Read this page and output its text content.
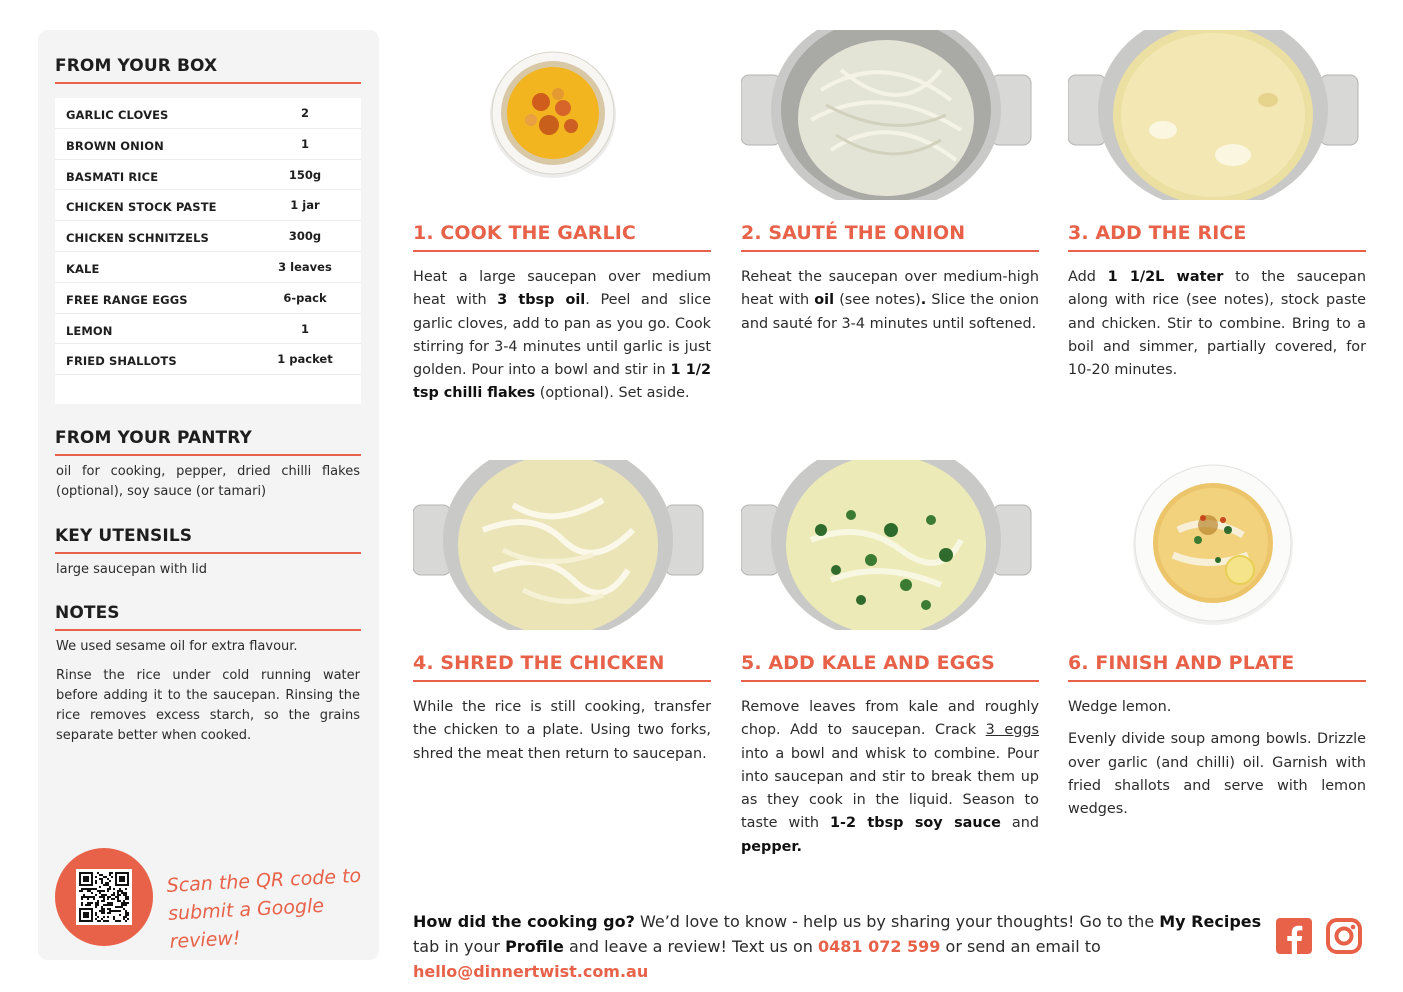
FROM YOUR BOX
GARLIC CLOVES	2
BROWN ONION	1
BASMATI RICE	150g
CHICKEN STOCK PASTE	1 jar
CHICKEN SCHNITZELS	300g
KALE	3 leaves
FREE RANGE EGGS	6-pack
LEMON	1
FRIED SHALLOTS	1 packet
FROM YOUR PANTRY
oil for cooking, pepper, dried chilli flakes (optional), soy sauce (or tamari)
KEY UTENSILS
large saucepan with lid
NOTES
We used sesame oil for extra flavour.
Rinse the rice under cold running water before adding it to the saucepan. Rinsing the rice removes excess starch, so the grains separate better when cooked.
Scan the QR code to
submit a Google review!
1. COOK THE GARLIC
Heat a large saucepan over medium heat with 3 tbsp oil. Peel and slice garlic cloves, add to pan as you go. Cook stirring for 3-4 minutes until garlic is just golden. Pour into a bowl and stir in 1 1/2 tsp chilli flakes (optional). Set aside.
2. SAUTÉ THE ONION
Reheat the saucepan over medium-high heat with oil (see notes). Slice the onion and sauté for 3-4 minutes until softened.
3. ADD THE RICE
Add 1 1/2L water to the saucepan along with rice (see notes), stock paste and chicken. Stir to combine. Bring to a boil and simmer, partially covered, for 10-20 minutes.
4. SHRED THE CHICKEN
While the rice is still cooking, transfer the chicken to a plate. Using two forks, shred the meat then return to saucepan.
5. ADD KALE AND EGGS
Remove leaves from kale and roughly chop. Add to saucepan. Crack 3 eggs into a bowl and whisk to combine. Pour into saucepan and stir to break them up as they cook in the liquid. Season to taste with 1-2 tbsp soy sauce and pepper.
6. FINISH AND PLATE

Wedge lemon.

Evenly divide soup among bowls. Drizzle over garlic (and chilli) oil. Garnish with fried shallots and serve with lemon wedges.

How did the cooking go? We’d love to know - help us by sharing your thoughts! Go to the My Recipes tab in your Profile and leave a review! Text us on 0481 072 599 or send an email to hello@dinnertwist.com.au
